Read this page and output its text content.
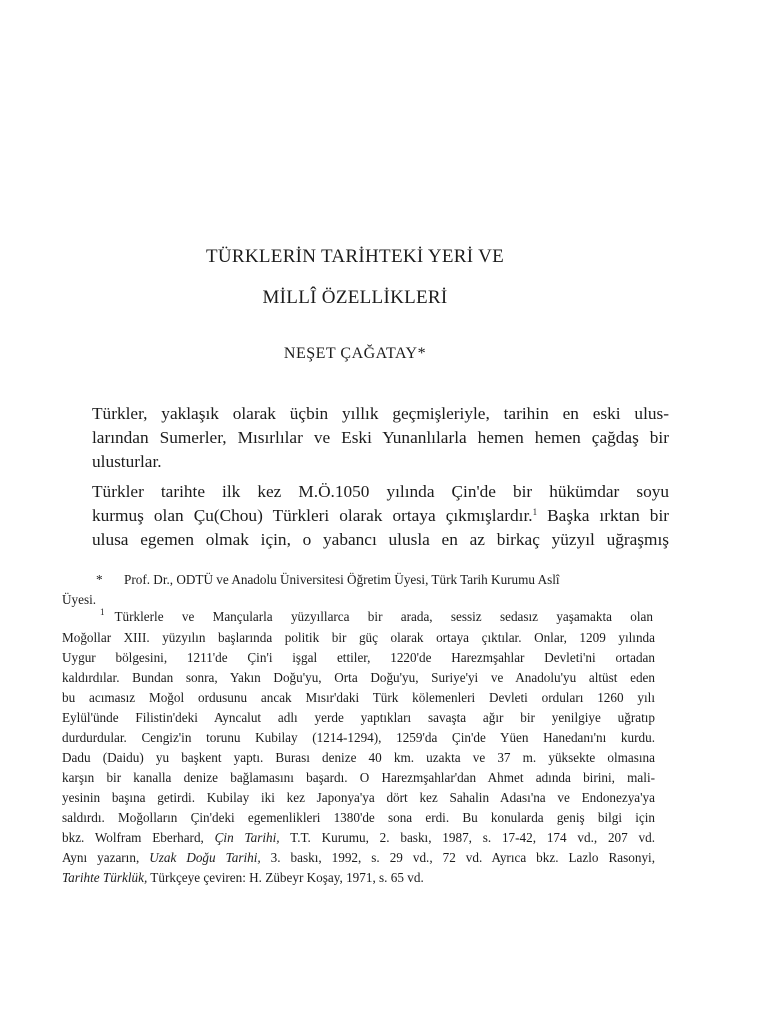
TÜRKLERİN TARİHTEKİ YERİ VE
MİLLÎ ÖZELLİKLERİ

NEŞET ÇAĞATAY*

Türkler, yaklaşık olarak üçbin yıllık geçmişleriyle, tarihin en eski ulus-

larından Sumerler, Mısırlılar ve Eski Yunanlılarla hemen hemen çağdaş bir

ulusturlar.

Türkler tarihte ilk kez M.Ö.1050 yılında Çin'de bir hükümdar soyu

kurmuş olan Çu(Chou) Türkleri olarak ortaya çıkmışlardır.$^1$ Başka ırktan bir

ulusa egemen olmak için, o yabancı ulusla en az birkaç yüzyıl uğraşmış

* Prof. Dr., ODTÜ ve Anadolu Üniversitesi Öğretim Üyesi, Türk Tarih Kurumu Aslî

Üyesi.

$^1$ Türklerle ve Mançularla yüzyıllarca bir arada, sessiz sedasız yaşamakta olan

Moğollar XIII. yüzyılın başlarında politik bir güç olarak ortaya çıktılar. Onlar, 1209 yılında

Uygur bölgesini, 1211'de Çin'i işgal ettiler, 1220'de Harezmşahlar Devleti'ni ortadan

kaldırdılar. Bundan sonra, Yakın Doğu'yu, Orta Doğu'yu, Suriye'yi ve Anadolu'yu altüst eden

bu acımasız Moğol ordusunu ancak Mısır'daki Türk kölemenleri Devleti orduları 1260 yılı

Eylül'ünde Filistin'deki Ayncalut adlı yerde yaptıkları savaşta ağır bir yenilgiye uğratıp

durdurdular. Cengiz'in torunu Kubilay (1214-1294), 1259'da Çin'de Yüen Hanedanı'nı kurdu.

Dadu (Daidu) yu başkent yaptı. Burası denize 40 km. uzakta ve 37 m. yüksekte olmasına

karşın bir kanalla denize bağlamasını başardı. O Harezmşahlar'dan Ahmet adında birini, mali-

yesinin başına getirdi. Kubilay iki kez Japonya'ya dört kez Sahalin Adası'na ve Endonezya'ya

saldırdı. Moğolların Çin'deki egemenlikleri 1380'de sona erdi. Bu konularda geniş bilgi için

bkz. Wolfram Eberhard, Çin Tarihi, T.T. Kurumu, 2. baskı, 1987, s. 17-42, 174 vd., 207 vd.

Aynı yazarın, Uzak Doğu Tarihi, 3. baskı, 1992, s. 29 vd., 72 vd. Ayrıca bkz. Lazlo Rasonyi,

Tarihte Türklük, Türkçeye çeviren: H. Zübeyr Koşay, 1971, s. 65 vd.
